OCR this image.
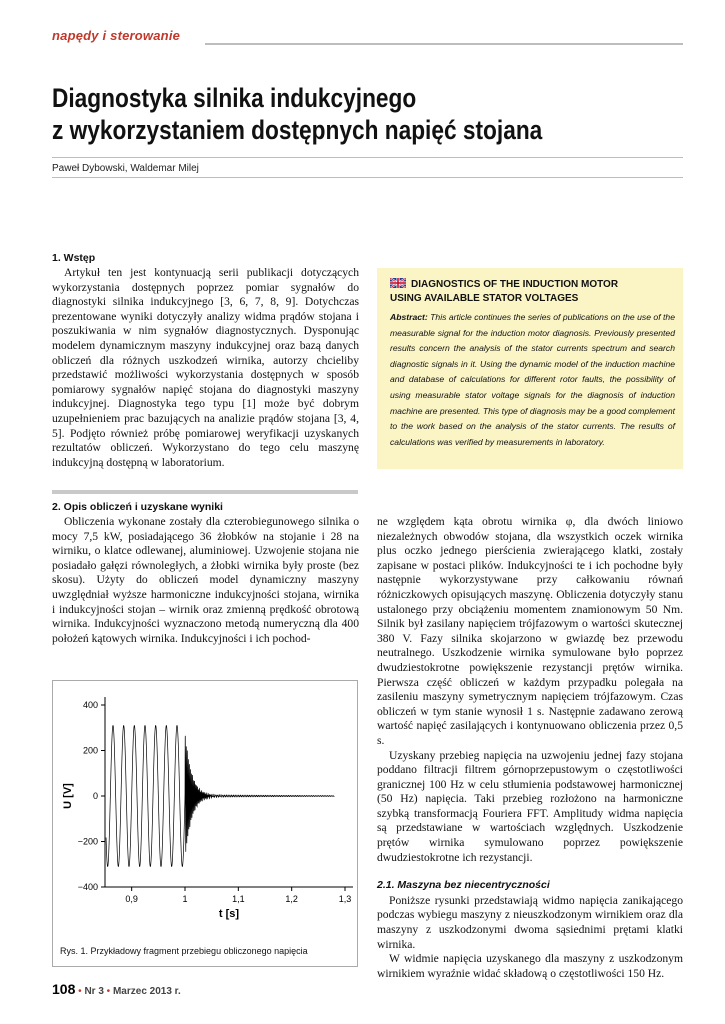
napędy i sterowanie
Diagnostyka silnika indukcyjnego
z wykorzystaniem dostępnych napięć stojana
Paweł Dybowski, Waldemar Milej
1. Wstęp

Artykuł ten jest kontynuacją serii publikacji dotyczących wykorzystania dostępnych poprzez pomiar sygnałów do diagnostyki silnika indukcyjnego [3, 6, 7, 8, 9]. Dotychczas prezentowane wyniki dotyczyły analizy widma prądów stojana i poszukiwania w nim sygnałów diagnostycznych. Dysponując modelem dynamicznym maszyny indukcyjnej oraz bazą danych obliczeń dla różnych uszkodzeń wirnika, autorzy chcieliby przedstawić możliwości wykorzystania dostępnych w sposób pomiarowy sygnałów napięć stojana do diagnostyki maszyny indukcyjnej. Diagnostyka tego typu [1] może być dobrym uzupełnieniem prac bazujących na analizie prądów stojana [3, 4, 5]. Podjęto również próbę pomiarowej weryfikacji uzyskanych rezultatów obliczeń. Wykorzystano do tego celu maszynę indukcyjną dostępną w laboratorium.

DIAGNOSTICS OF THE INDUCTION MOTOR
USING AVAILABLE STATOR VOLTAGES
Abstract: This article continues the series of publications on the use of the measurable signal for the induction motor diagnosis. Previously presented results concern the analysis of the stator currents spectrum and search diagnostic signals in it. Using the dynamic model of the induction machine and database of calculations for different rotor faults, the possibility of using measurable stator voltage signals for the diagnosis of induction machine are presented. This type of diagnosis may be a good complement to the work based on the analysis of the stator currents. The results of calculations was verified by measurements in laboratory.
2. Opis obliczeń i uzyskane wyniki

Obliczenia wykonane zostały dla czterobiegunowego silnika o mocy 7,5 kW, posiadającego 36 żłobków na stojanie i 28 na wirniku, o klatce odlewanej, aluminiowej. Uzwojenie stojana nie posiadało gałęzi równoległych, a żłobki wirnika były proste (bez skosu). Użyty do obliczeń model dynamiczny maszyny uwzględniał wyższe harmoniczne indukcyjności stojana, wirnika i indukcyjności stojan – wirnik oraz zmienną prędkość obrotową wirnika. Indukcyjności wyznaczono metodą numeryczną dla 400 położeń kątowych wirnika. Indukcyjności i ich pochod-

ne względem kąta obrotu wirnika φ, dla dwóch liniowo niezależnych obwodów stojana, dla wszystkich oczek wirnika plus oczko jednego pierścienia zwierającego klatki, zostały zapisane w postaci plików. Indukcyjności te i ich pochodne były następnie wykorzystywane przy całkowaniu równań różniczkowych opisujących maszynę. Obliczenia dotyczyły stanu ustalonego przy obciążeniu momentem znamionowym 50 Nm. Silnik był zasilany napięciem trójfazowym o wartości skutecznej 380 V. Fazy silnika skojarzono w gwiazdę bez przewodu neutralnego. Uszkodzenie wirnika symulowane było poprzez dwudziestokrotne powiększenie rezystancji prętów wirnika. Pierwsza część obliczeń w każdym przypadku polegała na zasileniu maszyny symetrycznym napięciem trójfazowym. Czas obliczeń w tym stanie wynosił 1 s. Następnie zadawano zerową wartość napięć zasilających i kontynuowano obliczenia przez 0,5 s.

Uzyskany przebieg napięcia na uzwojeniu jednej fazy stojana poddano filtracji filtrem górnoprzepustowym o częstotliwości granicznej 100 Hz w celu stłumienia podstawowej harmonicznej (50 Hz) napięcia. Taki przebieg rozłożono na harmoniczne szybką transformacją Fouriera FFT. Amplitudy widma napięcia są przedstawiane w wartościach względnych. Uszkodzenie prętów wirnika symulowano poprzez powiększenie dwudziestokrotne ich rezystancji.

2.1. Maszyna bez niecentryczności

Poniższe rysunki przedstawiają widmo napięcia zanikającego podczas wybiegu maszyny z nieuszkodzonym wirnikiem oraz dla maszyny z uszkodzonymi dwoma sąsiednimi prętami klatki wirnika.

W widmie napięcia uzyskanego dla maszyny z uszkodzonym wirnikiem wyraźnie widać składową o częstotliwości 150 Hz.

400
200
0
−200
−400
0,9	1	1,1	1,2	1,3
t [s]
U [V]
Rys. 1. Przykładowy fragment przebiegu obliczonego napięcia
108 • Nr 3 • Marzec 2013 r.
